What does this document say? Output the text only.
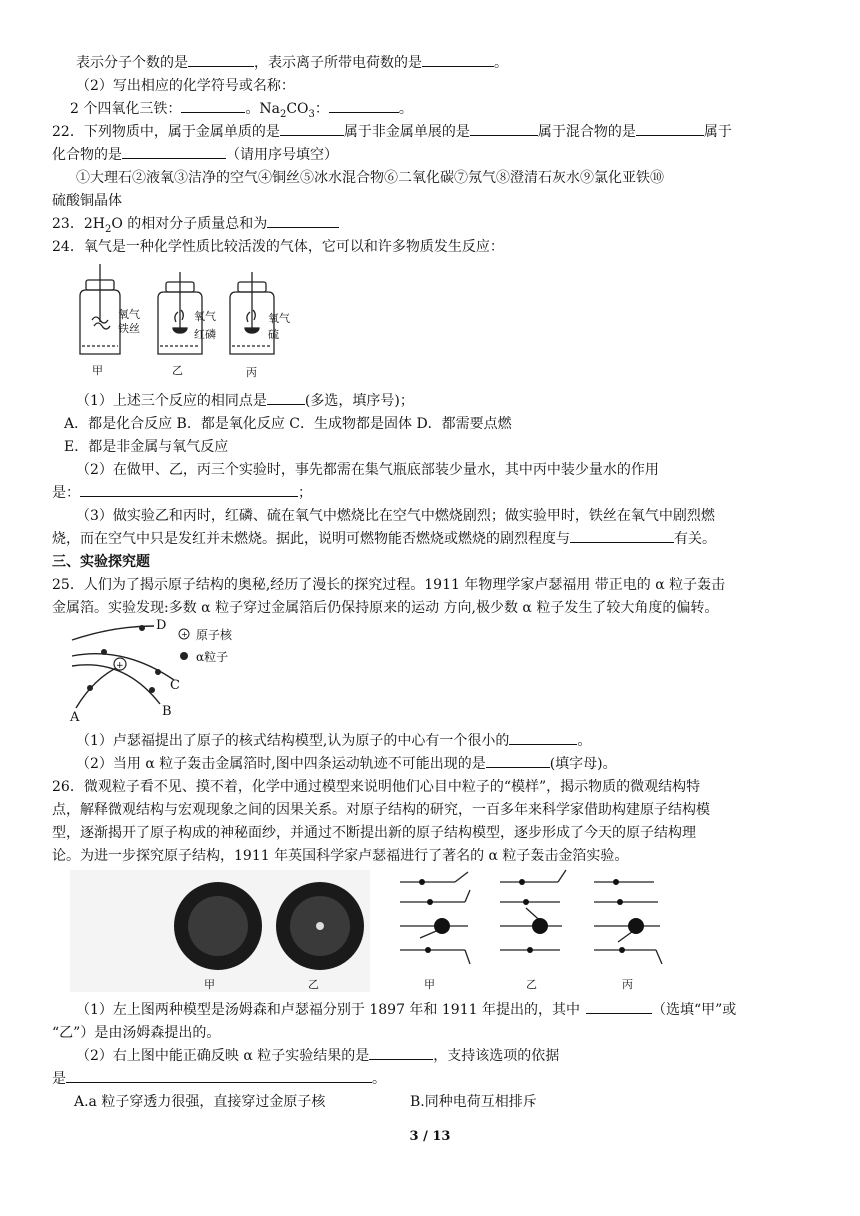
表示分子个数的是	，表示离子所带电荷数的是	。
（2）写出相应的化学符号或名称：
2 个四氧化三铁：	。$Na_2CO_3$：	。
22．下列物质中，属于金属单质的是	属于非金属单展的是	属于混合物的是	属于
化合物的是	（请用序号填空）
①大理石②液氧③洁净的空气④铜丝⑤冰水混合物⑥二氧化碳⑦氖气⑧澄清石灰水⑨氯化亚铁⑩
硫酸铜晶体
23．$2H_2O$ 的相对分子质量总和为
24．氧气是一种化学性质比较活泼的气体，它可以和许多物质发生反应：
氧气
铁丝
甲
氧气
红磷
乙
氧气
硫
丙
（1）上述三个反应的相同点是	(多选，填序号)；
A．都是化合反应 B．都是氧化反应 C．生成物都是固体 D．都需要点燃
E．都是非金属与氧气反应
（2）在做甲、乙，丙三个实验时，事先都需在集气瓶底部装少量水，其中丙中装少量水的作用
是：	；
（3）做实验乙和丙时，红磷、硫在氧气中燃烧比在空气中燃烧剧烈；做实验甲时，铁丝在氧气中剧烈燃
烧，而在空气中只是发红并未燃烧。据此，说明可燃物能否燃烧或燃烧的剧烈程度与	有关。
三、实验探究题
25．人们为了揭示原子结构的奥秘,经历了漫长的探究过程。1911 年物理学家卢瑟福用 带正电的 α 粒子轰击
金属箔。实验发现:多数 α 粒子穿过金属箔后仍保持原来的运动 方向,极少数 α 粒子发生了较大角度的偏转。
+
+ 原子核
α粒子
D
C
B
A
（1）卢瑟福提出了原子的核式结构模型,认为原子的中心有一个很小的	。
（2）当用 α 粒子轰击金属箔时,图中四条运动轨迹不可能出现的是	(填字母)。
26．微观粒子看不见、摸不着，化学中通过模型来说明他们心目中粒子的“模样”，揭示物质的微观结构特
点，解释微观结构与宏观现象之间的因果关系。对原子结构的研究，一百多年来科学家借助构建原子结构模
型，逐渐揭开了原子构成的神秘面纱，并通过不断提出新的原子结构模型，逐步形成了今天的原子结构理
论。为进一步探究原子结构，1911 年英国科学家卢瑟福进行了著名的 α 粒子轰击金箔实验。
甲	乙	甲	乙	丙
（1）左上图两种模型是汤姆森和卢瑟福分别于 1897 年和 1911 年提出的，其中	（选填“甲”或
“乙”）是由汤姆森提出的。
（2）右上图中能正确反映 α 粒子实验结果的是	，支持该选项的依据
是	。
A.a 粒子穿透力很强，直接穿过金原子核	B.同种电荷互相排斥
3 / 13
